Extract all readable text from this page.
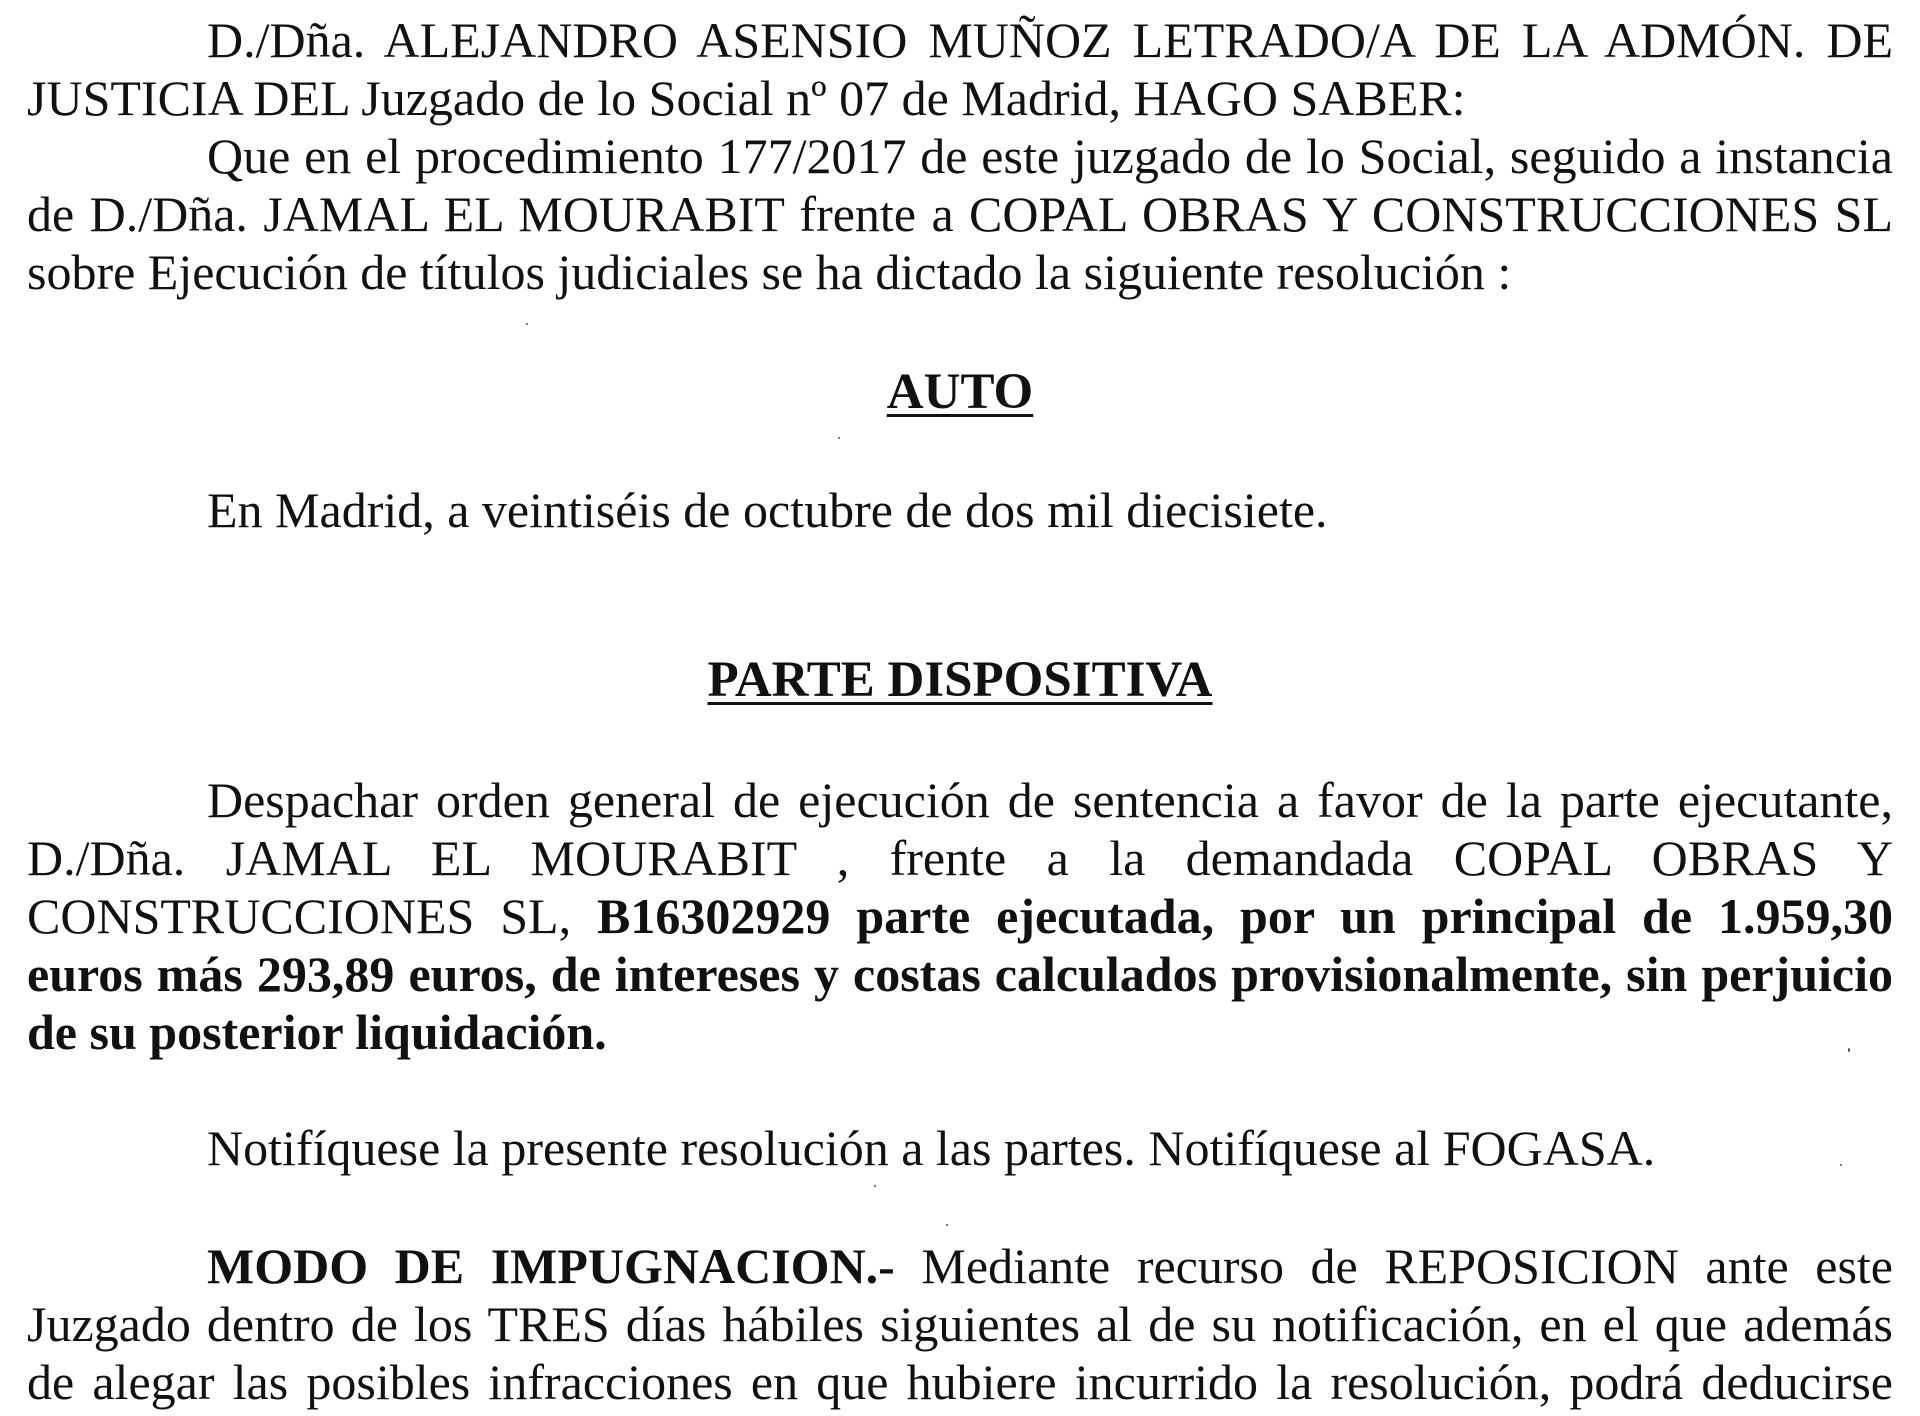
D./Dña. ALEJANDRO ASENSIO MUÑOZ LETRADO/A DE LA ADMÓN. DE

JUSTICIA DEL Juzgado de lo Social nº 07 de Madrid, HAGO SABER:

Que en el procedimiento 177/2017 de este juzgado de lo Social, seguido a instancia

de D./Dña. JAMAL EL MOURABIT frente a COPAL OBRAS Y CONSTRUCCIONES SL

sobre Ejecución de títulos judiciales se ha dictado la siguiente resolución :

AUTO

En Madrid, a veintiséis de octubre de dos mil diecisiete.

PARTE DISPOSITIVA

Despachar orden general de ejecución de sentencia a favor de la parte ejecutante,

D./Dña. JAMAL EL MOURABIT , frente a la demandada COPAL OBRAS Y

CONSTRUCCIONES SL, B16302929 parte ejecutada, por un principal de 1.959,30

euros más 293,89 euros, de intereses y costas calculados provisionalmente, sin perjuicio

de su posterior liquidación.

Notifíquese la presente resolución a las partes. Notifíquese al FOGASA.

MODO DE IMPUGNACION.- Mediante recurso de REPOSICION ante este

Juzgado dentro de los TRES días hábiles siguientes al de su notificación, en el que además

de alegar las posibles infracciones en que hubiere incurrido la resolución, podrá deducirse
